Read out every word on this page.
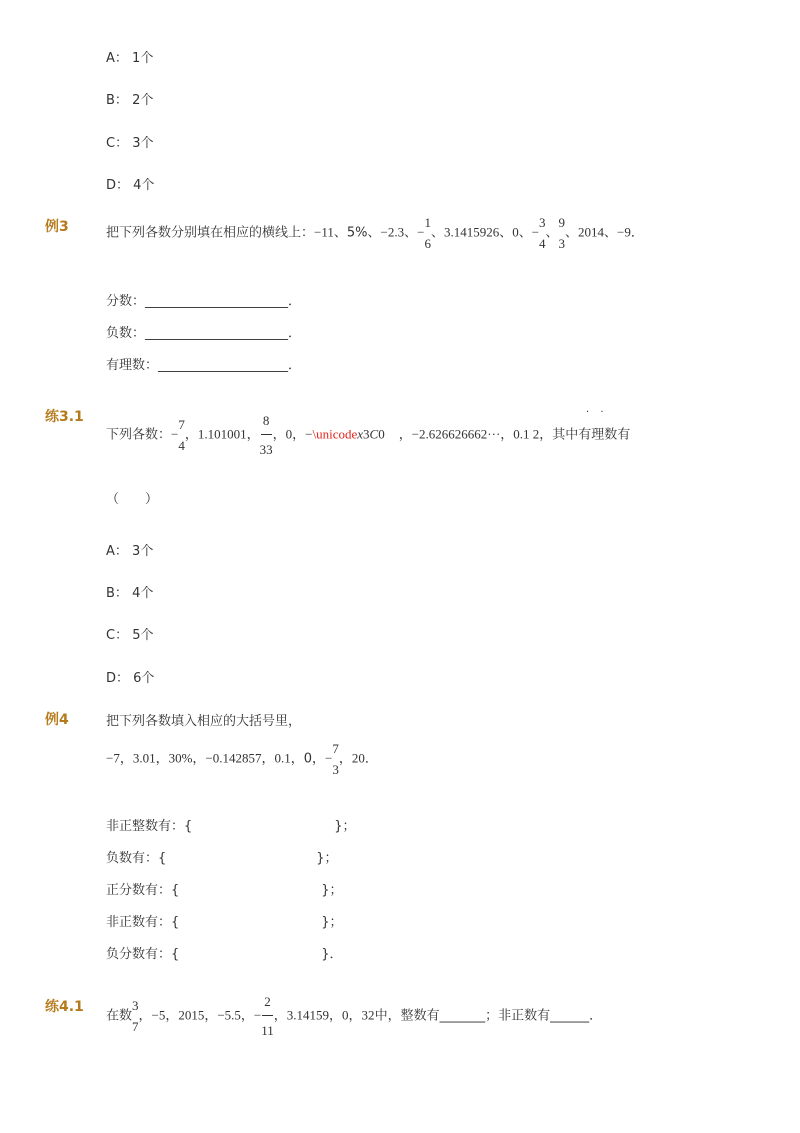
A： 1个
B： 2个
C： 3个
D： 4个
例3	把下列各数分别填在相应的横线上：−11、5%、−2.3、−
1
6
、3.1415926、0、−
3
4
、
9
3
、2014、−9．
分数：______________________．
负数：______________________．
有理数：____________________．
练3.1
下列各数：−
7
4
，1.101001， $\frac{8}{33}$ ，0，−\unicodex3C0 ，−2.626626662···，0.1 2，其中有理数有
· ·
（　　）
A： 3个
B： 4个
C： 5个
D： 6个
例4	把下列各数填入相应的大括号里，
−7，3.01，30%，−0.142857，0.1，0，−
7
3
，20．
非正整数有：{	}；
负数有：{	}；
正分数有：{	}；
非正数有：{	}；
负分数有：{	}．
练4.1
在数
3
7
，−5，2015，−5.5，− $\frac{2}{11}$ ，3.14159，0，32中，整数有_______；非正数有______．
